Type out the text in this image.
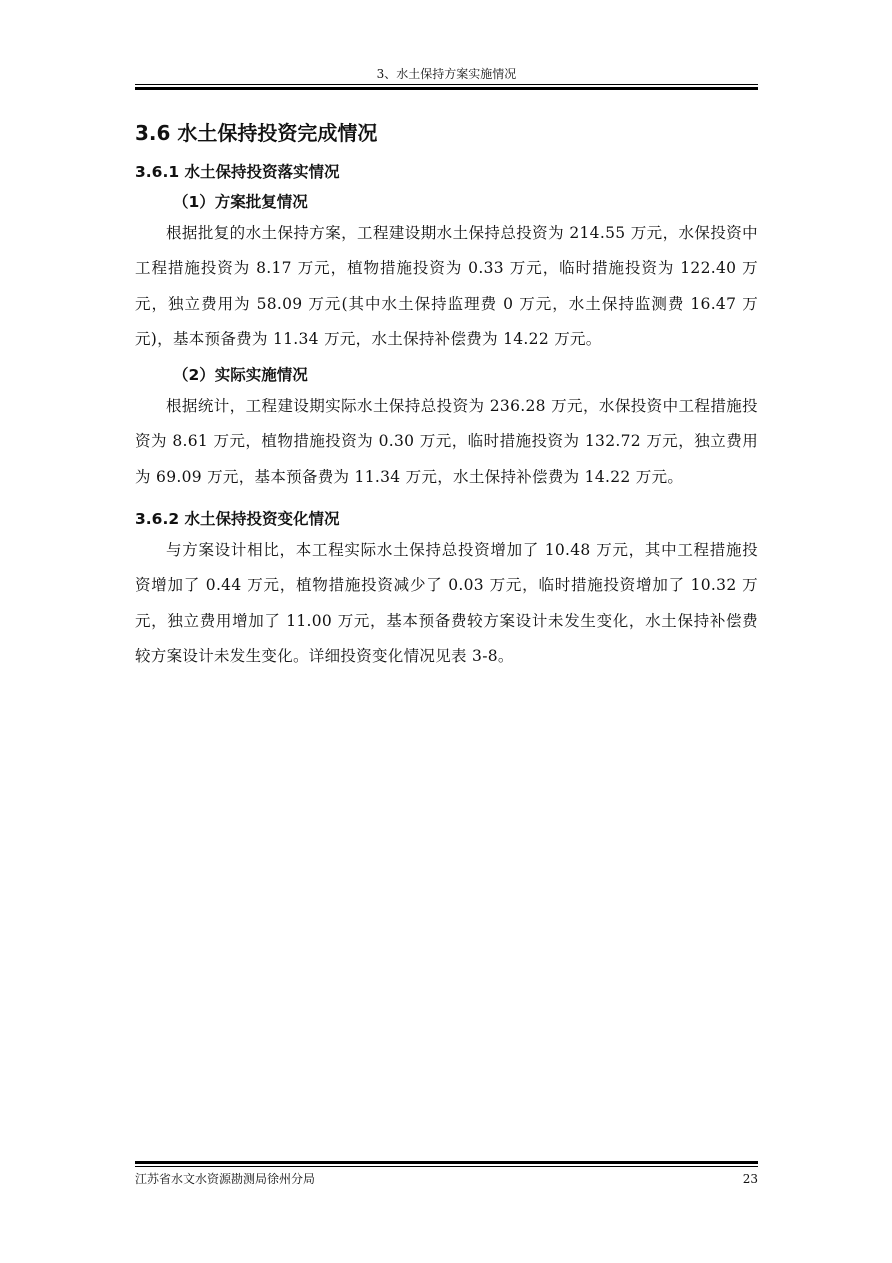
3、水土保持方案实施情况
3.6 水土保持投资完成情况
3.6.1 水土保持投资落实情况
（1）方案批复情况

根据批复的水土保持方案，工程建设期水土保持总投资为 214.55 万元，水保投资中工程措施投资为 8.17 万元，植物措施投资为 0.33 万元，临时措施投资为 122.40 万元，独立费用为 58.09 万元(其中水土保持监理费 0 万元，水土保持监测费 16.47 万元)，基本预备费为 11.34 万元，水土保持补偿费为 14.22 万元。

（2）实际实施情况

根据统计，工程建设期实际水土保持总投资为 236.28 万元，水保投资中工程措施投资为 8.61 万元，植物措施投资为 0.30 万元，临时措施投资为 132.72 万元，独立费用为 69.09 万元，基本预备费为 11.34 万元，水土保持补偿费为 14.22 万元。

3.6.2 水土保持投资变化情况

与方案设计相比，本工程实际水土保持总投资增加了 10.48 万元，其中工程措施投资增加了 0.44 万元，植物措施投资减少了 0.03 万元，临时措施投资增加了 10.32 万元，独立费用增加了 11.00 万元，基本预备费较方案设计未发生变化，水土保持补偿费较方案设计未发生变化。详细投资变化情况见表 3-8。

江苏省水文水资源勘测局徐州分局	23
